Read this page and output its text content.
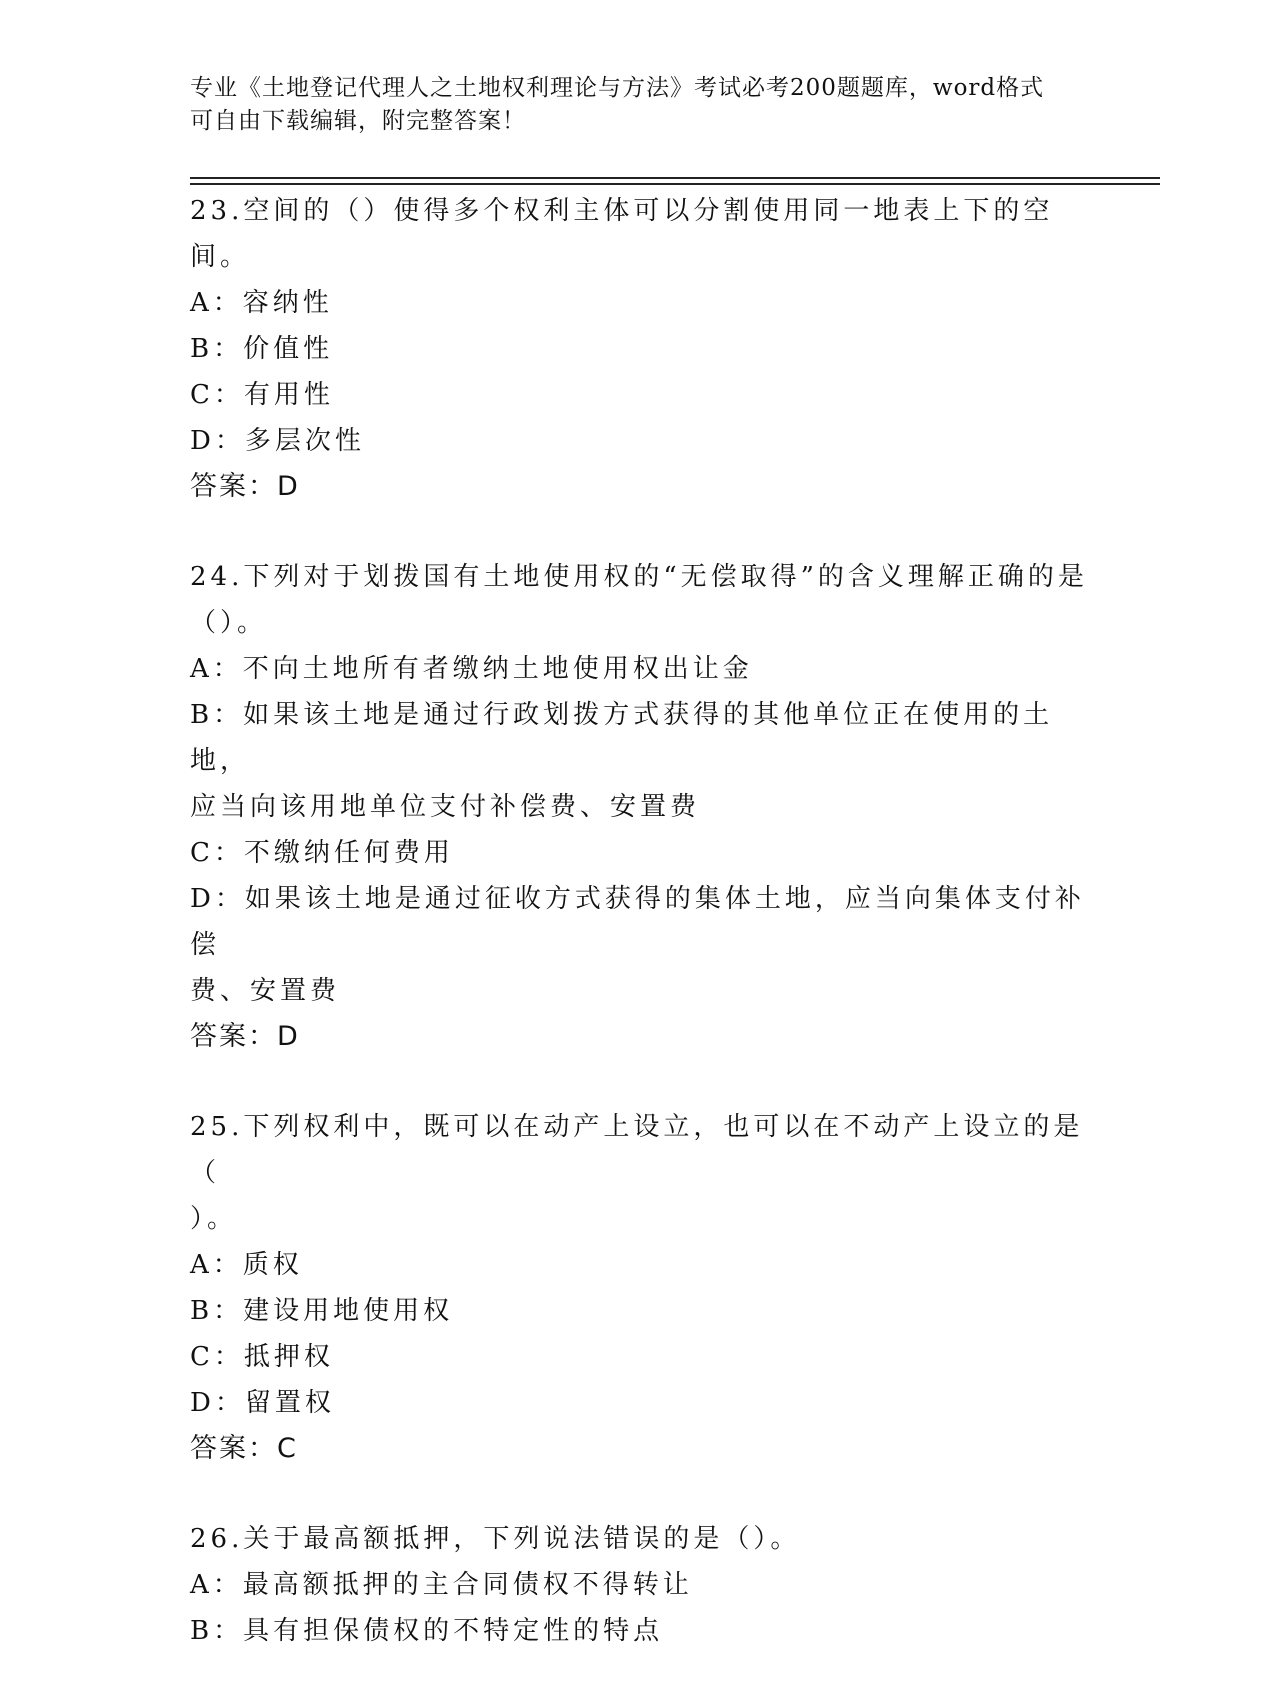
专业《土地登记代理人之土地权利理论与方法》考试必考200题题库，word格式
可自由下载编辑，附完整答案！
23.空间的（）使得多个权利主体可以分割使用同一地表上下的空间。
A：容纳性
B：价值性
C：有用性
D：多层次性
答案：D
24.下列对于划拨国有土地使用权的“无偿取得”的含义理解正确的是
（）。
A：不向土地所有者缴纳土地使用权出让金
B：如果该土地是通过行政划拨方式获得的其他单位正在使用的土地，
应当向该用地单位支付补偿费、安置费
C：不缴纳任何费用
D：如果该土地是通过征收方式获得的集体土地，应当向集体支付补偿
费、安置费
答案：D
25.下列权利中，既可以在动产上设立，也可以在不动产上设立的是（
）。
A：质权
B：建设用地使用权
C：抵押权
D：留置权
答案：C
26.关于最高额抵押，下列说法错误的是（）。
A：最高额抵押的主合同债权不得转让
B：具有担保债权的不特定性的特点
